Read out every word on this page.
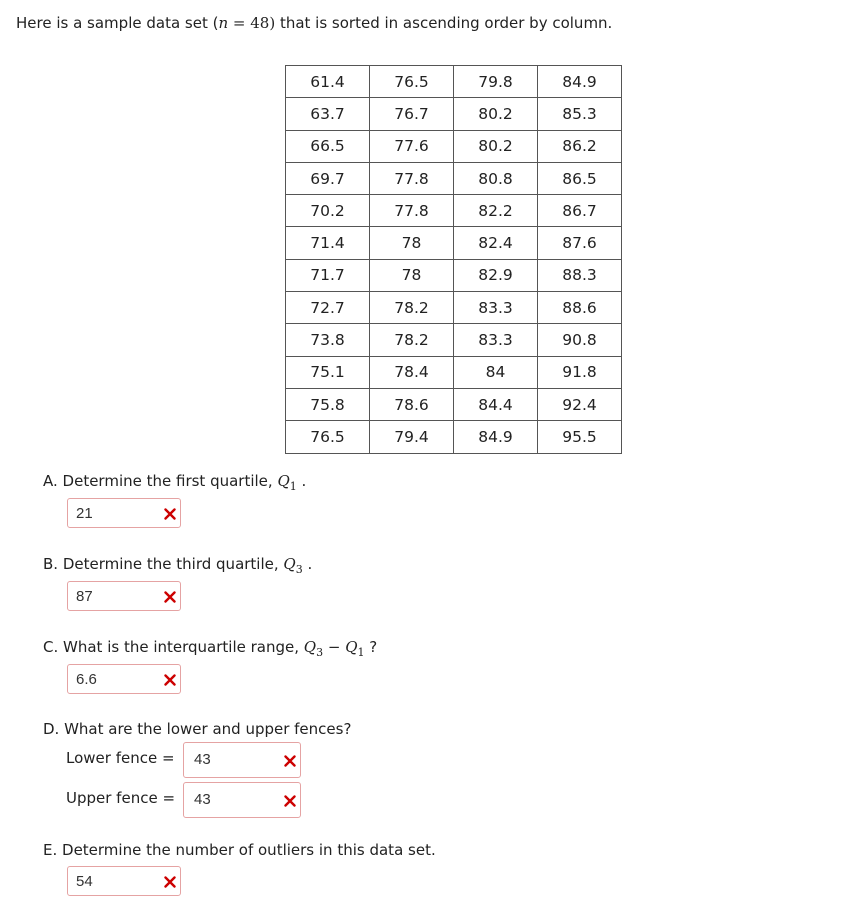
Here is a sample data set (n = 48) that is sorted in ascending order by column.
61.4	76.5	79.8	84.9
63.7	76.7	80.2	85.3
66.5	77.6	80.2	86.2
69.7	77.8	80.8	86.5
70.2	77.8	82.2	86.7
71.4	78	82.4	87.6
71.7	78	82.9	88.3
72.7	78.2	83.3	88.6
73.8	78.2	83.3	90.8
75.1	78.4	84	91.8
75.8	78.6	84.4	92.4
76.5	79.4	84.9	95.5
A. Determine the first quartile, $Q_1$ .
21
B. Determine the third quartile, $Q_3$ .
87
C. What is the interquartile range, $Q_3 - Q_1$ ?
6.6
D. What are the lower and upper fences?
Lower fence = 43
Upper fence = 43
E. Determine the number of outliers in this data set.
54
